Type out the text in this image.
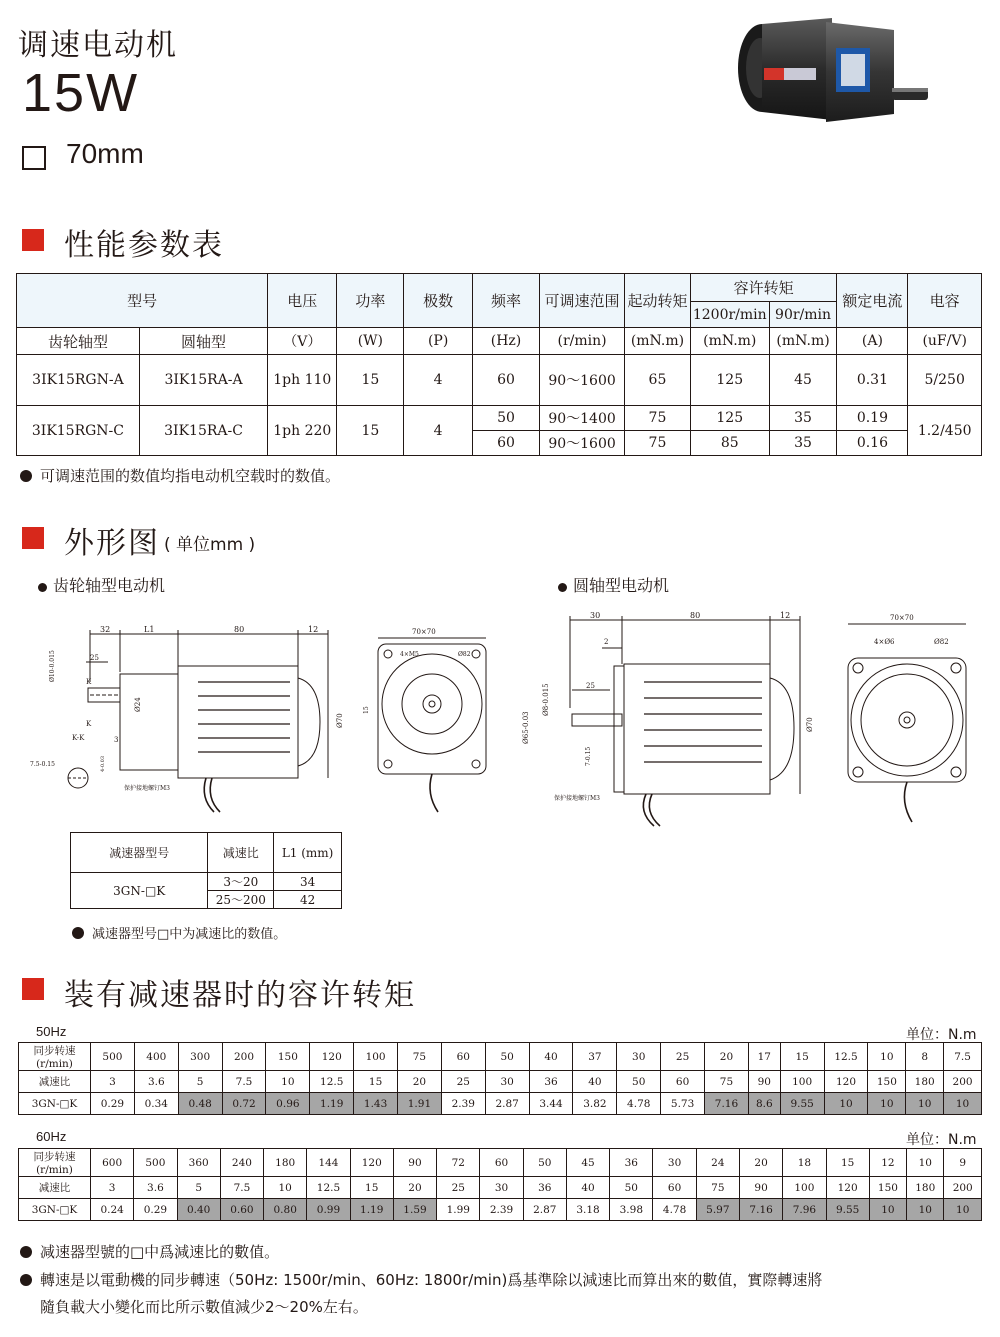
调速电动机
15W
70mm
性能参数表
型号		电压	功率	极数	频率	可调速范围	起动转矩	容许转矩		额定电流	电容
								1200r/min	90r/min		
齿轮轴型	圆轴型	（V）	(W)	(P)	(Hz)	(r/min)	(mN.m)	(mN.m)	(mN.m)	(A)	(uF/V)
3IK15RGN-A	3IK15RA-A	1ph 110	15	4	60	90～1600	65	125	45	0.31	5/250
3IK15RGN-C	3IK15RA-C	1ph 220	15	4	50	90～1400	75	125	35	0.19	1.2/450
					60	90～1600	75	85	35	0.16	
可调速范围的数值均指电动机空载时的数值。
外形图 ( 单位mm )
齿轮轴型电动机	圆轴型电动机
32	L1	80	12
25
Ø10-0.015
Ø24
3
Ø70
K
K
K-K
7.5-0.15	4-0.03
保护接地螺钉M3
70×70
4×M5	Ø82
15
30	80	12
2
25
Ø65-0.03
Ø8-0.015
Ø70
7-0.15
保护接地螺钉M3
70×70
4×Ø6	Ø82
减速器型号	减速比	L1 (mm)
3GN-□K	3～20	34
	25～200	42
减速器型号□中为减速比的数值。
装有减速器时的容许转矩
50Hz	单位：N.m
同步转速(r/min)	500	400	300	200	150	120	100	75	60	50	40	37	30	25	20	17	15	12.5	10	8	7.5
减速比	3	3.6	5	7.5	10	12.5	15	20	25	30	36	40	50	60	75	90	100	120	150	180	200
3GN-□K	0.29	0.34	0.48	0.72	0.96	1.19	1.43	1.91	2.39	2.87	3.44	3.82	4.78	5.73	7.16	8.6	9.55	10	10	10	10
60Hz	单位：N.m
同步转速(r/min)	600	500	360	240	180	144	120	90	72	60	50	45	36	30	24	20	18	15	12	10	9
减速比	3	3.6	5	7.5	10	12.5	15	20	25	30	36	40	50	60	75	90	100	120	150	180	200
3GN-□K	0.24	0.29	0.40	0.60	0.80	0.99	1.19	1.59	1.99	2.39	2.87	3.18	3.98	4.78	5.97	7.16	7.96	9.55	10	10	10
减速器型號的□中爲減速比的數值。
轉速是以電動機的同步轉速（50Hz: 1500r/min、60Hz: 1800r/min)爲基準除以減速比而算出來的數值，實際轉速將
隨負載大小變化而比所示數值減少2～20%左右。
